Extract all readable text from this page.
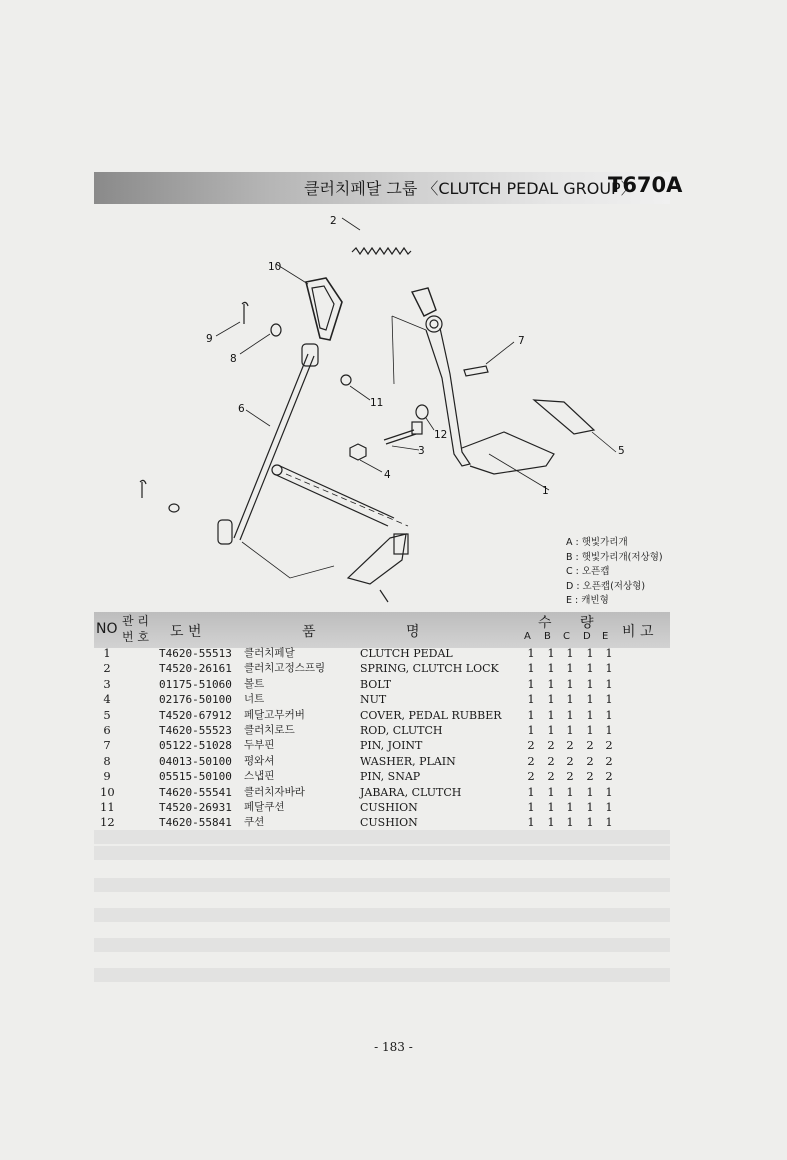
클러치페달 그룹 〈CLUTCH PEDAL GROUP〉
T670A
2
10
7
9
8
11
6
12
3	5
4
1
A : 햇빛가리개
B : 햇빛가리개(저상형)
C : 오픈캡
D : 오픈캡(저상형)
E : 캐빈형
NO 관 리
번 호 도 번	품	명
수 량
비 고
A B C D E
1	T4620-55513 클러치페달	CLUTCH PEDAL	1 1 1 1 1
2	T4520-26161 클러치고정스프링	SPRING, CLUTCH LOCK 1 1 1 1 1
3	01175-51060 볼트	BOLT	1 1 1 1 1
4	02176-50100 너트	NUT	1 1 1 1 1
5	T4520-67912 페달고무커버	COVER, PEDAL RUBBER 1 1 1 1 1
6	T4620-55523 클러치로드	ROD, CLUTCH	1 1 1 1 1
7	05122-51028 두부핀	PIN, JOINT	2 2 2 2 2
8	04013-50100 평와셔	WASHER, PLAIN	2 2 2 2 2
9	05515-50100 스냅핀	PIN, SNAP	2 2 2 2 2
10	T4620-55541 클러치자바라	JABARA, CLUTCH	1 1 1 1 1
11	T4520-26931 페달쿠션	CUSHION	1 1 1 1 1
12	T4620-55841 쿠션	CUSHION	1 1 1 1 1
- 183 -
